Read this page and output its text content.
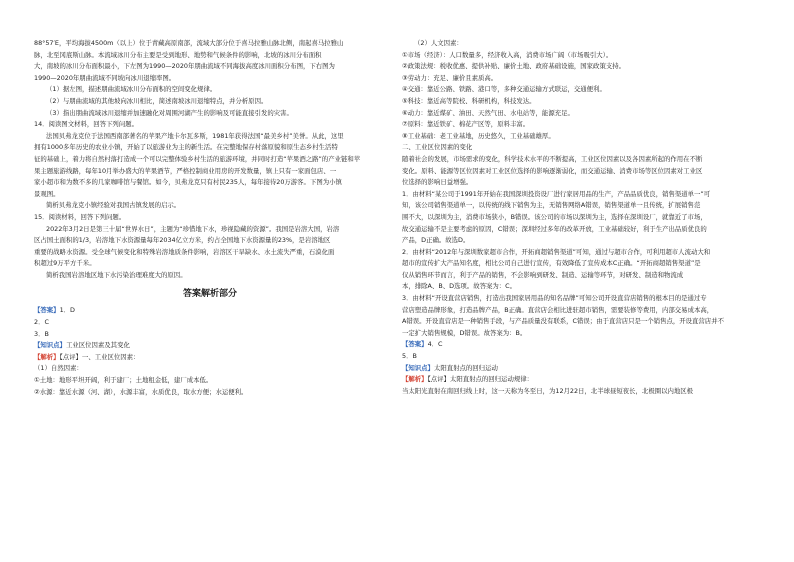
88°57′E，平均海拔4500m（以上）位于青藏高原南部，流域大部分位于喜马拉雅山脉北侧，南起喜马拉雅山

脉，北至冈底斯山脉。本流域冰川分布主要是受到地形、地势和气候条件的影响，北坡的冰川分布面积

大，南坡的冰川分布面积最小，下左图为1990—2020年朋曲流域不同海拔高度冰川面积分布图，下右图为

1990—2020年朋曲流域不同坡向冰川退缩率图。

（1）据左图，描述朋曲流域冰川分布面积的空间变化规律。

（2）与朋曲流域的其他坡向冰川相比，简述南坡冰川退缩特点，并分析原因。

（3）指出朋曲流域冰川退缩并加速融化对周围河湖产生的影响及可能直接引发的灾害。

14．阅读图文材料，回答下列问题。

法国贝弗龙克位于法国西南部著名的苹果产地卡尔瓦多斯，1981年获得法国“最美乡村”美誉。从此，这里

拥有1000多年历史的农业小镇，开始了以旅游业为主的新生活。在完整地保存村落原貌和原生态乡村生活特

征的基础上，着力将自然村落打造成一个可以完整体验乡村生活的旅游环境，并同时打造“苹果酒之路”的产业链和苹

果主题旅游线路，每年10月举办盛大的苹果酒节，严格控制商业用房的开发数量，镇上只有一家面包店、一

家小超市和为数不多的几家咖啡馆与餐馆。如今，贝弗龙克只有村民235人，每年接待20万游客。下图为小镇

景观图。

简析贝弗龙克小镇经验对我国古镇发展的启示。

15．阅读材料，回答下列问题。

2022年3月2日是第三十届“世界水日”，主题为“珍惜地下水，珍视隐藏的资源”。我国是岩溶大国，岩溶

区占国土面积的1/3，岩溶地下水资源量每年2034亿立方米，约占全国地下水资源量的23%，是岩溶地区

重要的战略水资源。受全球气候变化和特殊岩溶地质条件影响，岩溶区干旱缺水、水土流失严重，石漠化面

积超过9万平方千米。

简析我国岩溶地区地下水污染治理难度大的原因。

答案解析部分

【答案】1．D

2．C

3．B

【知识点】工业区位因素及其变化

【解析】【点评】一、工业区位因素：

（1）自然因素：

①土地：地形平坦开阔，利于建厂；土地租金低，建厂成本低。

②水源：靠近水源（河、湖），水源丰富，水质优良，取水方便；水运便利。

（2）人文因素：

①市场（经济）：人口数量多，经济收入高，消费市场广阔（市场吸引大）。

②政策法规：税收优惠、提供补贴、廉价土地、政府基础设施，国家政策支持。

③劳动力：充足、廉价且素质高。

④交通：靠近公路、铁路、港口等，多种交通运输方式联运，交通便利。

⑤科技：靠近高等院校、科研机构，科技发达。

⑥动力：靠近煤矿、油田、天然气田、水电站等，能源充足。

⑦原料：靠近铁矿、棉花产区等，原料丰富。

⑧工业基础：老工业基地，历史悠久，工业基础雄厚。

二、工业区位因素的变化

随着社会的发展，市场需求的变化，科学技术水平的不断提高，工业区位因素以及各因素所起的作用在不断

变化。原料、能源等区位因素对工业区位选择的影响逐渐弱化，而交通运输、消费市场等区位因素对工业区

位选择的影响日益增强。

1．由材料“某公司于1991年开始在我国深圳投资设厂进行家居用品的生产，产品品质优良，销售渠道单一”可

知，该公司销售渠道单一，以传统的线下销售为主，无销售网络A错误，销售渠道单一且传统，扩展销售范

围不大，以深圳为主，消费市场狭小，B错误。该公司的市场以深圳为主，选择在深圳设厂，就靠近了市场，

故交通运输不是主要考虑的原因，C错误；深圳经过多年的改革开放，工业基础较好，利于生产出品质优良的

产品，D正确。故选D。

2．由材料“2012年与深圳数家超市合作，开拓商超销售渠道”可知，通过与超市合作，可利用超市人流动大和

超市的宣传扩大产品知名度，相比公司自己进行宣传，有效降低了宣传成本C正确。“开拓商超销售渠道”是

仅从销售环节而言，利于产品的销售，不会影响到研发、制造、运输等环节，对研发、制造和物流成

本，排除A、B、D选项。故答案为：C。

3．由材料“开设直营店销售，打造出我国家居用品的知名品牌”可知公司开设直营店销售的根本目的是通过专

营店塑造品牌形象，打造品牌产品，B正确。直营店会相比进驻超市销售，需要装修等费用，内部交易成本高，

A错误。开设直营店是一种销售手段，与产品质量没有联系，C错误；由于直营店只是一个销售点，开设直营店并不

一定扩大销售规模，D错误。故答案为：B。

【答案】4．C

5．B

【知识点】太阳直射点的回归运动

【解析】【点评】太阳直射点的回归运动规律：

当太阳光直射在南回归线上时，这一天称为冬至日，为12月22日，北半球昼短夜长，北极圈以内地区极
